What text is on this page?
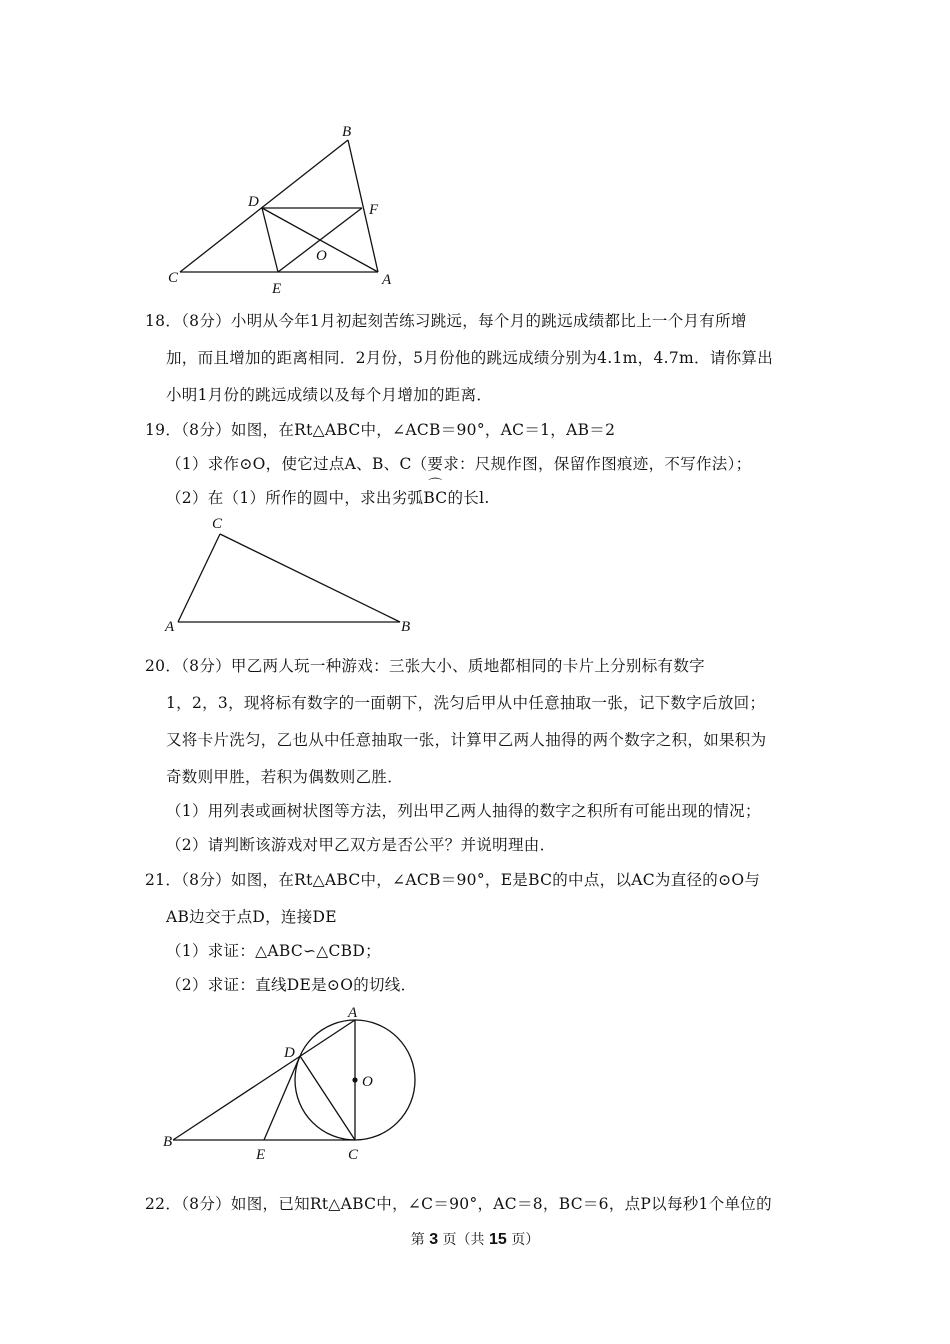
B
D	F
O
C
E
A
18．（8分）小明从今年1月初起刻苦练习跳远，每个月的跳远成绩都比上一个月有所增
加，而且增加的距离相同．2月份，5月份他的跳远成绩分别为4.1m，4.7m．请你算出
小明1月份的跳远成绩以及每个月增加的距离．
19．（8分）如图，在Rt△ABC中，∠ACB＝90°，AC＝1，AB＝2
（1）求作⊙O，使它过点A、B、C（要求：尺规作图，保留作图痕迹，不写作法）；
（2）在（1）所作的圆中，求出劣弧⌒ BC的长l.
C
A	B
20．（8分）甲乙两人玩一种游戏：三张大小、质地都相同的卡片上分别标有数字
1，2，3，现将标有数字的一面朝下，洗匀后甲从中任意抽取一张，记下数字后放回；
又将卡片洗匀，乙也从中任意抽取一张，计算甲乙两人抽得的两个数字之积，如果积为
奇数则甲胜，若积为偶数则乙胜．
（1）用列表或画树状图等方法，列出甲乙两人抽得的数字之积所有可能出现的情况；
（2）请判断该游戏对甲乙双方是否公平？并说明理由．
21．（8分）如图，在Rt△ABC中，∠ACB＝90°，E是BC的中点，以AC为直径的⊙O与
AB边交于点D，连接DE
（1）求证：△ABC∽△CBD；
（2）求证：直线DE是⊙O的切线．
A
D
O
B
E	C
22．（8分）如图，已知Rt△ABC中，∠C＝90°，AC＝8，BC＝6，点P以每秒1个单位的
第 3 页（共 15 页）
